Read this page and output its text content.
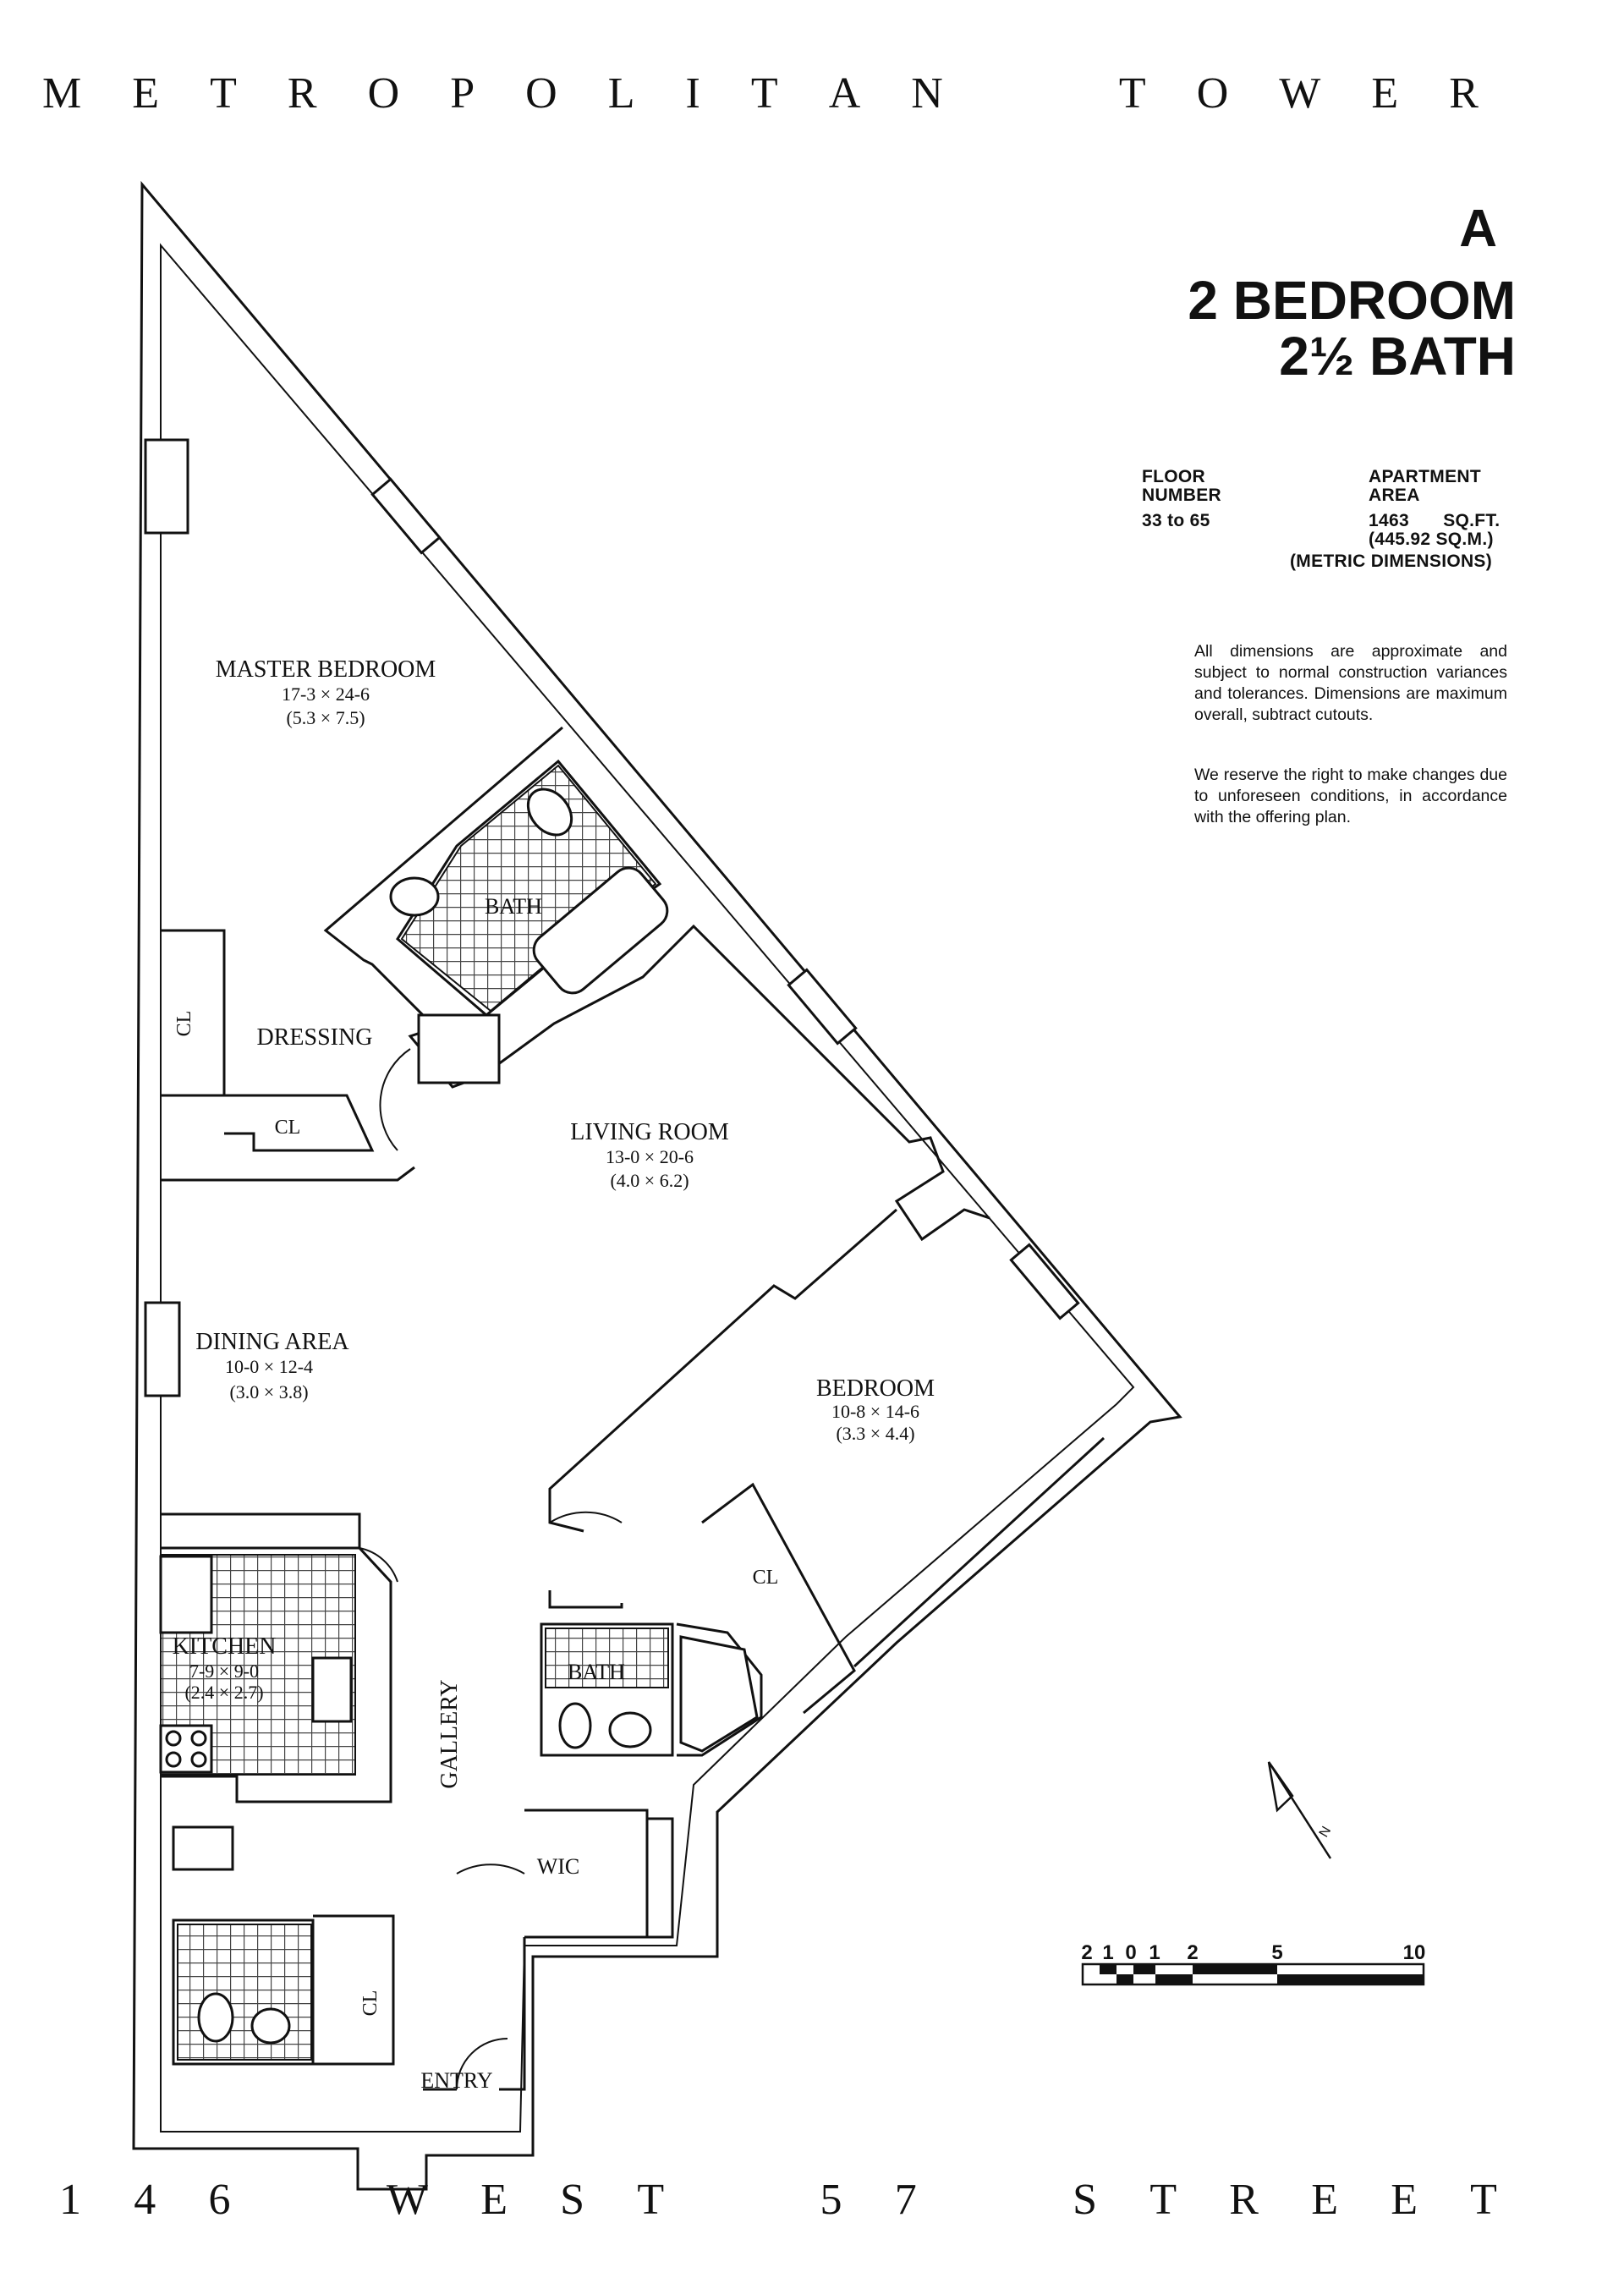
M E T R O P O L I T A N	T O W E R
A
2 BEDROOM
2½ BATH
FLOOR
NUMBER
33 to 65
APARTMENT
AREA
1463 SQ.FT.
(445.92 SQ.M.)
(METRIC DIMENSIONS)
All dimensions are approximate and subject to normal construction variances and tolerances. Dimensions are maximum overall, subtract cutouts.
We reserve the right to make changes due to unforeseen conditions, in accordance with the offering plan.
MASTER BEDROOM
17-3 × 24-6
(5.3 × 7.5)
BATH
DRESSING
CL
CL	LIVING ROOM
13-0 × 20-6
(4.0 × 6.2)
DINING AREA
10-0 × 12-4
(3.0 × 3.8)	BEDROOM
10-8 × 14-6
(3.3 × 4.4)
CL
KITCHEN
7-9 × 9-0
(2.4 × 2.7)	GALLERY
BATH
WIC
CL
ENTRY
N
2 1 0 1 2	5	10
1 4 6	W E S T	5 7	S T R E E T
